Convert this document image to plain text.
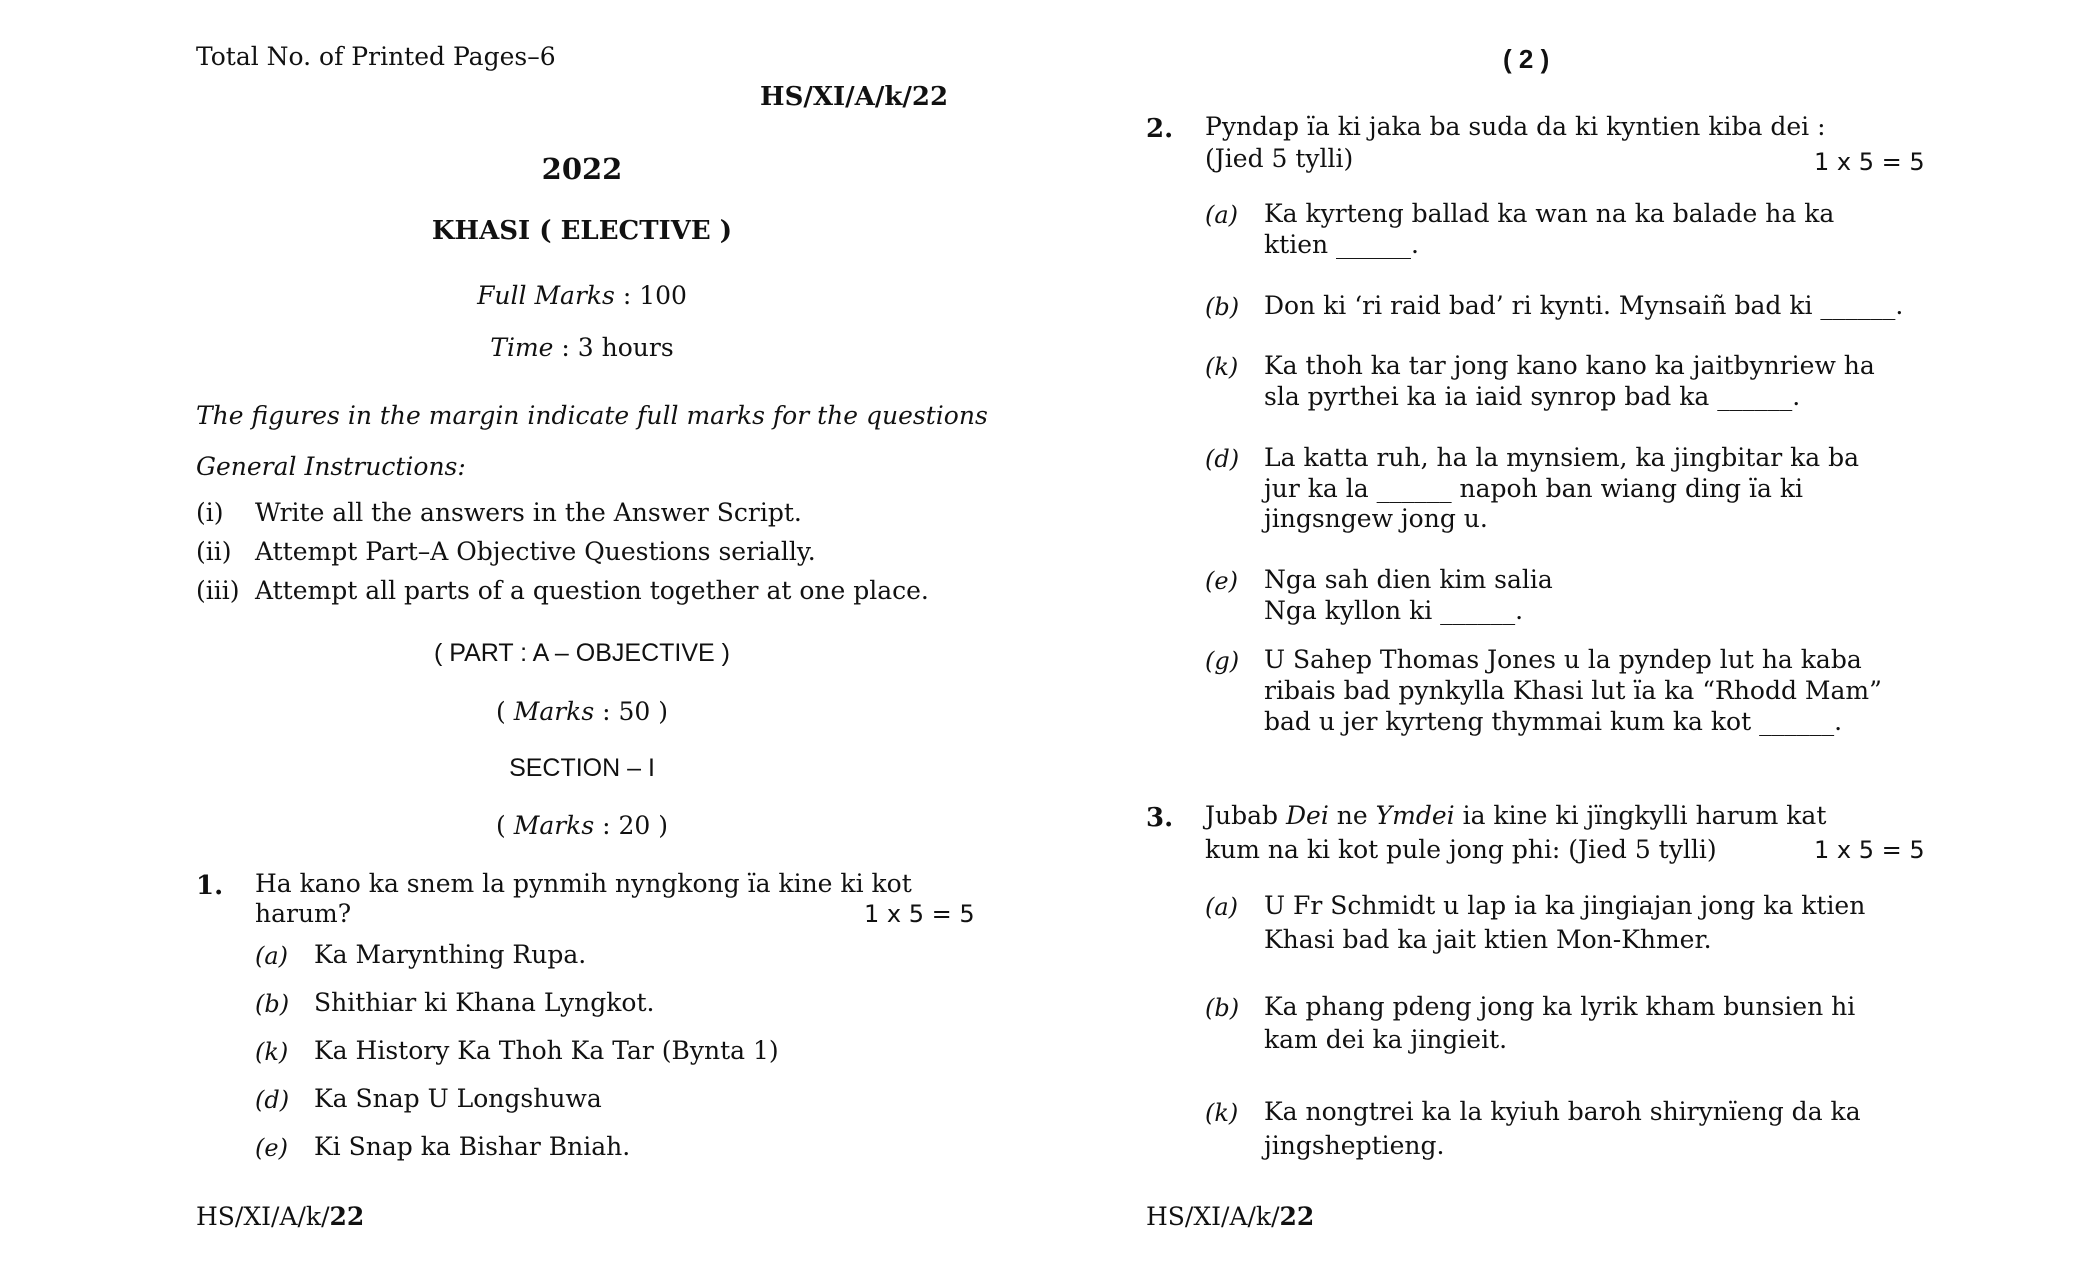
Total No. of Printed Pages–6
HS/XI/A/k/22
2022
KHASI ( ELECTIVE )
Full Marks : 100
Time : 3 hours
The figures in the margin indicate full marks for the questions
General Instructions:
(i) Write all the answers in the Answer Script.
(ii) Attempt Part–A Objective Questions serially.
(iii) Attempt all parts of a question together at one place.
( PART : A – OBJECTIVE )
( Marks : 50 )
SECTION – I
( Marks : 20 )
1. Ha kano ka snem la pynmih nyngkong ïa kine ki kot
harum?	1 x 5 = 5
(a) Ka Marynthing Rupa.
(b) Shithiar ki Khana Lyngkot.
(k) Ka History Ka Thoh Ka Tar (Bynta 1)
(d) Ka Snap U Longshuwa
(e) Ki Snap ka Bishar Bniah.
HS/XI/A/k/22
( 2 )
2. Pyndap ïa ki jaka ba suda da ki kyntien kiba dei :
(Jied 5 tylli)	1 x 5 = 5
(a) Ka kyrteng ballad ka wan na ka balade ha ka
ktien ______.
(b) Don ki ‘ri raid bad’ ri kynti. Mynsaiñ bad ki ______.
(k) Ka thoh ka tar jong kano kano ka jaitbynriew ha
sla pyrthei ka ia iaid synrop bad ka ______.
(d) La katta ruh, ha la mynsiem, ka jingbitar ka ba
jur ka la ______ napoh ban wiang ding ïa ki
jingsngew jong u.
(e) Nga sah dien kim salia
Nga kyllon ki ______.
(g) U Sahep Thomas Jones u la pyndep lut ha kaba
ribais bad pynkylla Khasi lut ïa ka “Rhodd Mam”
bad u jer kyrteng thymmai kum ka kot ______.
3. Jubab Dei ne Ymdei ia kine ki jïngkylli harum kat
kum na ki kot pule jong phi: (Jied 5 tylli)	1 x 5 = 5
(a) U Fr Schmidt u lap ia ka jingiajan jong ka ktien
Khasi bad ka jait ktien Mon-Khmer.
(b) Ka phang pdeng jong ka lyrik kham bunsien hi
kam dei ka jingieit.
(k) Ka nongtrei ka la kyiuh baroh shirynïeng da ka
jingsheptieng.
HS/XI/A/k/22
